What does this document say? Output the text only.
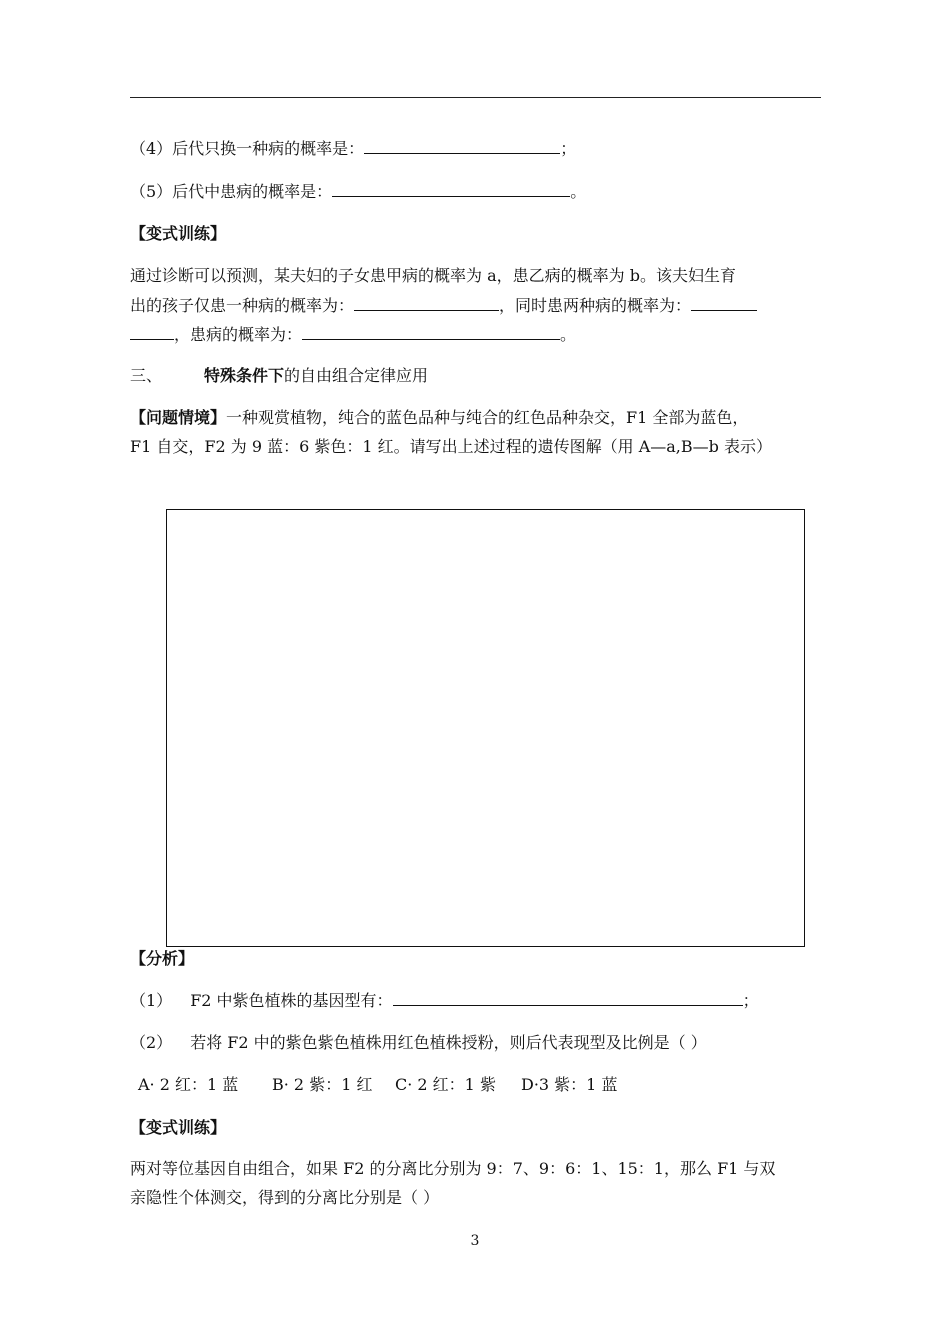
（4）后代只换一种病的概率是：	；
（5）后代中患病的概率是：	。
【变式训练】
通过诊断可以预测，某夫妇的子女患甲病的概率为 a，患乙病的概率为 b。该夫妇生育
出的孩子仅患一种病的概率为：	，同时患两种病的概率为：
，患病的概率为：	。
三、	特殊条件下的自由组合定律应用
【问题情境】一种观赏植物，纯合的蓝色品种与纯合的红色品种杂交，F1 全部为蓝色，
F1 自交，F2 为 9 蓝：6 紫色：1 红。请写出上述过程的遗传图解（用 A—a,B—b 表示）
【分析】
（1） F2 中紫色植株的基因型有：	；
（2） 若将 F2 中的紫色紫色植株用红色植株授粉，则后代表现型及比例是（ ）
A· 2 红：1 蓝 B· 2 紫：1 红 C· 2 红：1 紫 D·3 紫：1 蓝
【变式训练】
两对等位基因自由组合，如果 F2 的分离比分别为 9：7、9：6：1、15：1，那么 F1 与双
亲隐性个体测交，得到的分离比分别是（ ）
3
